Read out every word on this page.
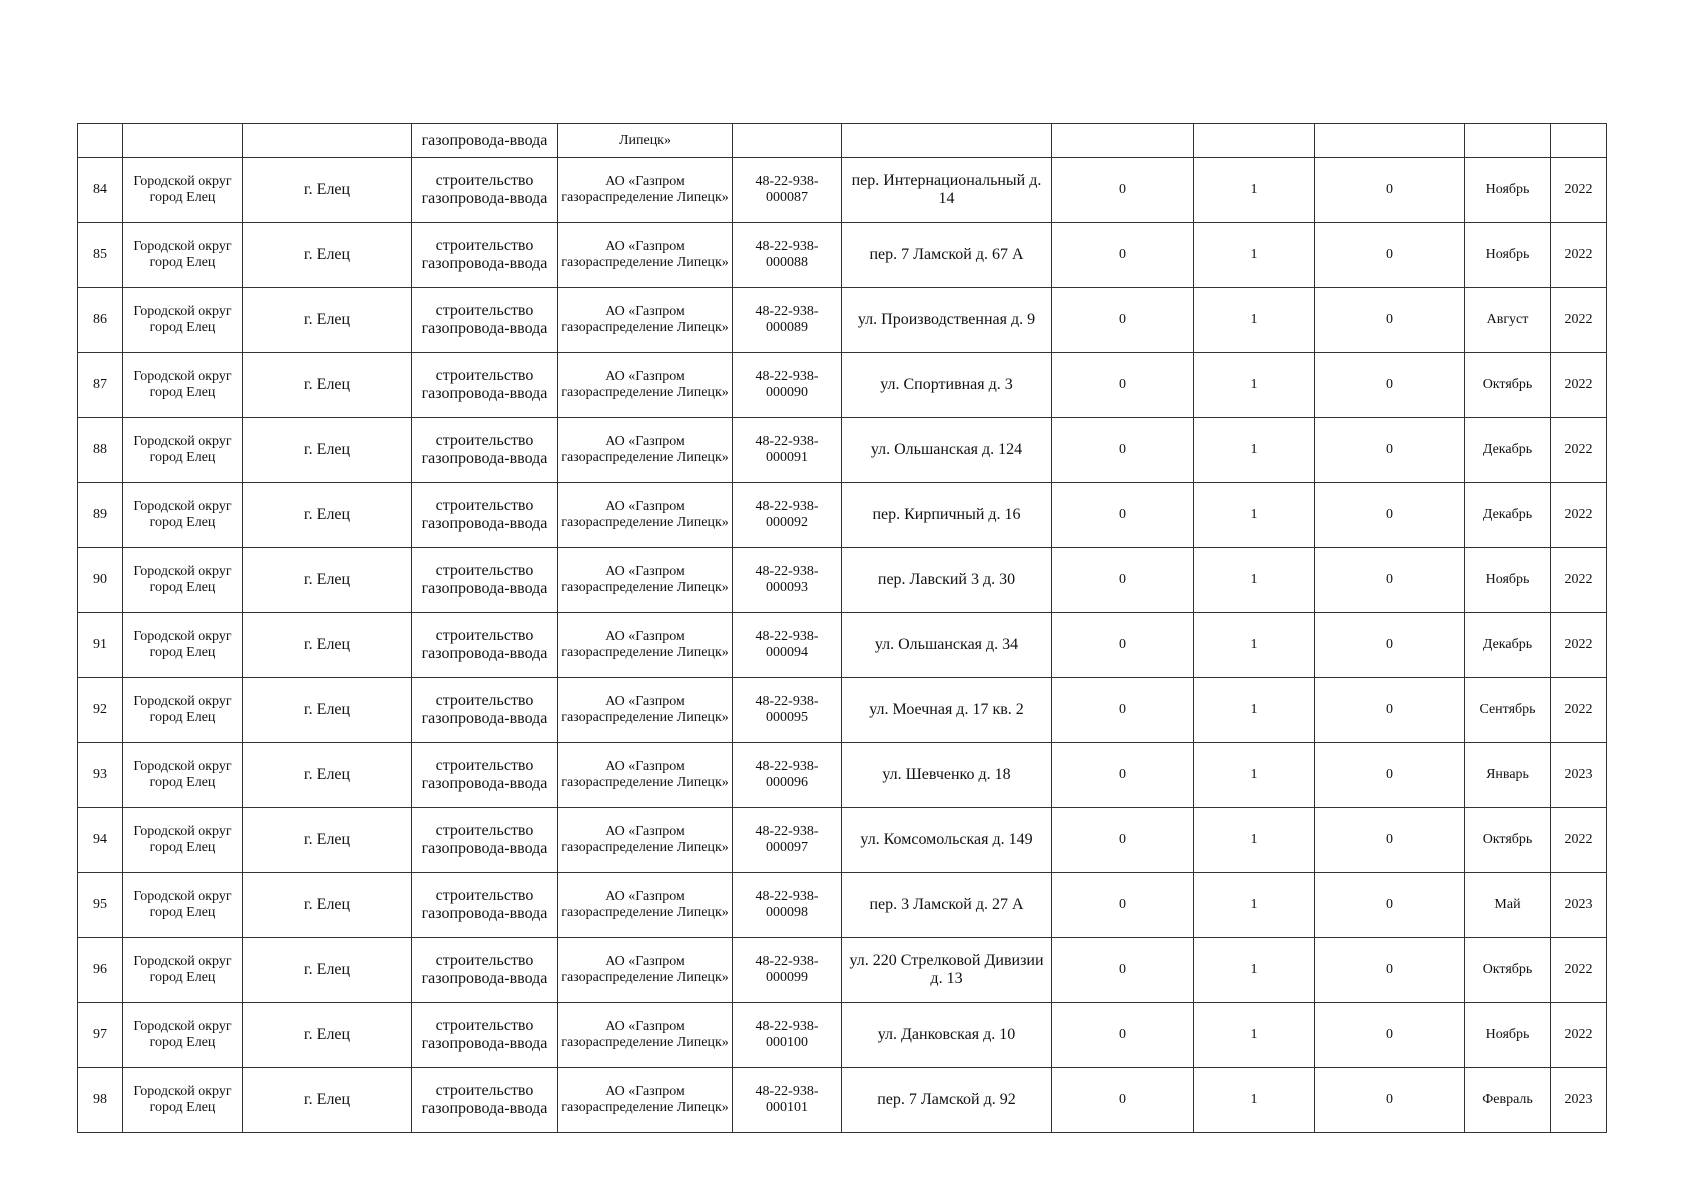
			газопровода-ввода	Липецк»							
84	Городской округ город Елец	г. Елец	строительство газопровода-ввода	АО «Газпром газораспределение Липецк»	48-22-938-000087	пер. Интернациональный д. 14	0	1	0	Ноябрь	2022
85	Городской округ город Елец	г. Елец	строительство газопровода-ввода	АО «Газпром газораспределение Липецк»	48-22-938-000088	пер. 7 Ламской д. 67 А	0	1	0	Ноябрь	2022
86	Городской округ город Елец	г. Елец	строительство газопровода-ввода	АО «Газпром газораспределение Липецк»	48-22-938-000089	ул. Производственная д. 9	0	1	0	Август	2022
87	Городской округ город Елец	г. Елец	строительство газопровода-ввода	АО «Газпром газораспределение Липецк»	48-22-938-000090	ул. Спортивная д. 3	0	1	0	Октябрь	2022
88	Городской округ город Елец	г. Елец	строительство газопровода-ввода	АО «Газпром газораспределение Липецк»	48-22-938-000091	ул. Ольшанская д. 124	0	1	0	Декабрь	2022
89	Городской округ город Елец	г. Елец	строительство газопровода-ввода	АО «Газпром газораспределение Липецк»	48-22-938-000092	пер. Кирпичный д. 16	0	1	0	Декабрь	2022
90	Городской округ город Елец	г. Елец	строительство газопровода-ввода	АО «Газпром газораспределение Липецк»	48-22-938-000093	пер. Лавский 3 д. 30	0	1	0	Ноябрь	2022
91	Городской округ город Елец	г. Елец	строительство газопровода-ввода	АО «Газпром газораспределение Липецк»	48-22-938-000094	ул. Ольшанская д. 34	0	1	0	Декабрь	2022
92	Городской округ город Елец	г. Елец	строительство газопровода-ввода	АО «Газпром газораспределение Липецк»	48-22-938-000095	ул. Моечная д. 17 кв. 2	0	1	0	Сентябрь	2022
93	Городской округ город Елец	г. Елец	строительство газопровода-ввода	АО «Газпром газораспределение Липецк»	48-22-938-000096	ул. Шевченко д. 18	0	1	0	Январь	2023
94	Городской округ город Елец	г. Елец	строительство газопровода-ввода	АО «Газпром газораспределение Липецк»	48-22-938-000097	ул. Комсомольская д. 149	0	1	0	Октябрь	2022
95	Городской округ город Елец	г. Елец	строительство газопровода-ввода	АО «Газпром газораспределение Липецк»	48-22-938-000098	пер. 3 Ламской д. 27 А	0	1	0	Май	2023
96	Городской округ город Елец	г. Елец	строительство газопровода-ввода	АО «Газпром газораспределение Липецк»	48-22-938-000099	ул. 220 Стрелковой Дивизии д. 13	0	1	0	Октябрь	2022
97	Городской округ город Елец	г. Елец	строительство газопровода-ввода	АО «Газпром газораспределение Липецк»	48-22-938-000100	ул. Данковская д. 10	0	1	0	Ноябрь	2022
98	Городской округ город Елец	г. Елец	строительство газопровода-ввода	АО «Газпром газораспределение Липецк»	48-22-938-000101	пер. 7 Ламской д. 92	0	1	0	Февраль	2023
